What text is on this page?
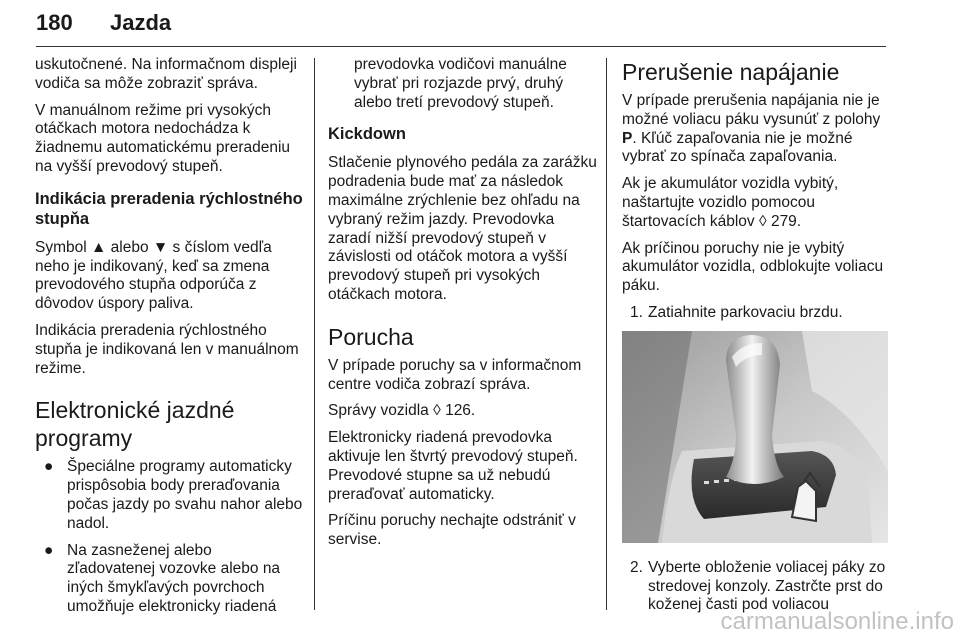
180 Jazda

uskutočnené. Na informačnom displeji vodiča sa môže zobraziť správa.

V manuálnom režime pri vysokých otáčkach motora nedochádza k žiadnemu automatickému preradeniu na vyšší prevodový stupeň.

Indikácia preradenia rýchlostného stupňa

Symbol ▲ alebo ▼ s číslom vedľa neho je indikovaný, keď sa zmena prevodového stupňa odporúča z dôvodov úspory paliva.

Indikácia preradenia rýchlostného stupňa je indikovaná len v manuálnom režime.

Elektronické jazdné programy
● Špeciálne programy automaticky prispôsobia body preraďovania počas jazdy po svahu nahor alebo nadol.
● Na zasneženej alebo zľadovatenej vozovke alebo na iných šmykľavých povrchoch umožňuje elektronicky riadená

prevodovka vodičovi manuálne vybrať pri rozjazde prvý, druhý alebo tretí prevodový stupeň.

Kickdown

Stlačenie plynového pedála za zarážku podradenia bude mať za následok maximálne zrýchlenie bez ohľadu na vybraný režim jazdy. Prevodovka zaradí nižší prevodový stupeň v závislosti od otáčok motora a vyšší prevodový stupeň pri vysokých otáčkach motora.

Porucha

V prípade poruchy sa v informačnom centre vodiča zobrazí správa.

Správy vozidla ◊ 126.

Elektronicky riadená prevodovka aktivuje len štvrtý prevodový stupeň. Prevodové stupne sa už nebudú preraďovať automaticky.

Príčinu poruchy nechajte odstrániť v servise.

Prerušenie napájanie

V prípade prerušenia napájania nie je možné voliacu páku vysunúť z polohy P. Kľúč zapaľovania nie je možné vybrať zo spínača zapaľovania.

Ak je akumulátor vozidla vybitý, naštartujte vozidlo pomocou štartovacích káblov ◊ 279.

Ak príčinou poruchy nie je vybitý akumulátor vozidla, odblokujte voliacu páku.

1. Zatiahnite parkovaciu brzdu.
2. Vyberte obloženie voliacej páky zo stredovej konzoly. Zastrčte prst do koženej časti pod voliacou
carmanualsonline.info
